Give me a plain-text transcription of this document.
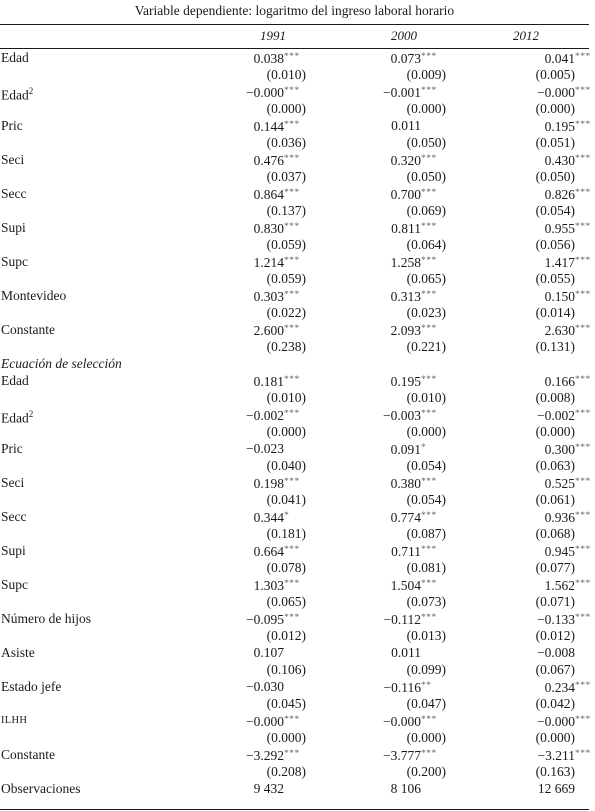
Variable dependiente: logaritmo del ingreso laboral horario
1991	2000	2012
Edad	0.038***	0.073***	0.041***
(0.010)	(0.009)	(0.005)
Edad$^2$	−0.000***	−0.001***	−0.000***
(0.000)	(0.000)	(0.000)
Pric	0.144***	0.011	0.195***
(0.036)	(0.050)	(0.051)
Seci	0.476***	0.320***	0.430***
(0.037)	(0.050)	(0.050)
Secc	0.864***	0.700***	0.826***
(0.137)	(0.069)	(0.054)
Supi	0.830***	0.811***	0.955***
(0.059)	(0.064)	(0.056)
Supc	1.214***	1.258***	1.417***
(0.059)	(0.065)	(0.055)
Montevideo	0.303***	0.313***	0.150***
(0.022)	(0.023)	(0.014)
Constante	2.600***	2.093***	2.630***
(0.238)	(0.221)	(0.131)
Ecuación de selección
Edad	0.181***	0.195***	0.166***
(0.010)	(0.010)	(0.008)
Edad$^2$	−0.002***	−0.003***	−0.002***
(0.000)	(0.000)	(0.000)
Pric	−0.023	0.091*	0.300***
(0.040)	(0.054)	(0.063)
Seci	0.198***	0.380***	0.525***
(0.041)	(0.054)	(0.061)
Secc	0.344*	0.774***	0.936***
(0.181)	(0.087)	(0.068)
Supi	0.664***	0.711***	0.945***
(0.078)	(0.081)	(0.077)
Supc	1.303***	1.504***	1.562***
(0.065)	(0.073)	(0.071)
Número de hijos	−0.095***	−0.112***	−0.133***
(0.012)	(0.013)	(0.012)
Asiste	0.107	0.011	−0.008
(0.106)	(0.099)	(0.067)
Estado jefe	−0.030	−0.116**	0.234***
(0.045)	(0.047)	(0.042)
ILHH	−0.000***	−0.000***	−0.000***
(0.000)	(0.000)	(0.000)
Constante	−3.292***	−3.777***	−3.211***
(0.208)	(0.200)	(0.163)
Observaciones	9 432	8 106	12 669
